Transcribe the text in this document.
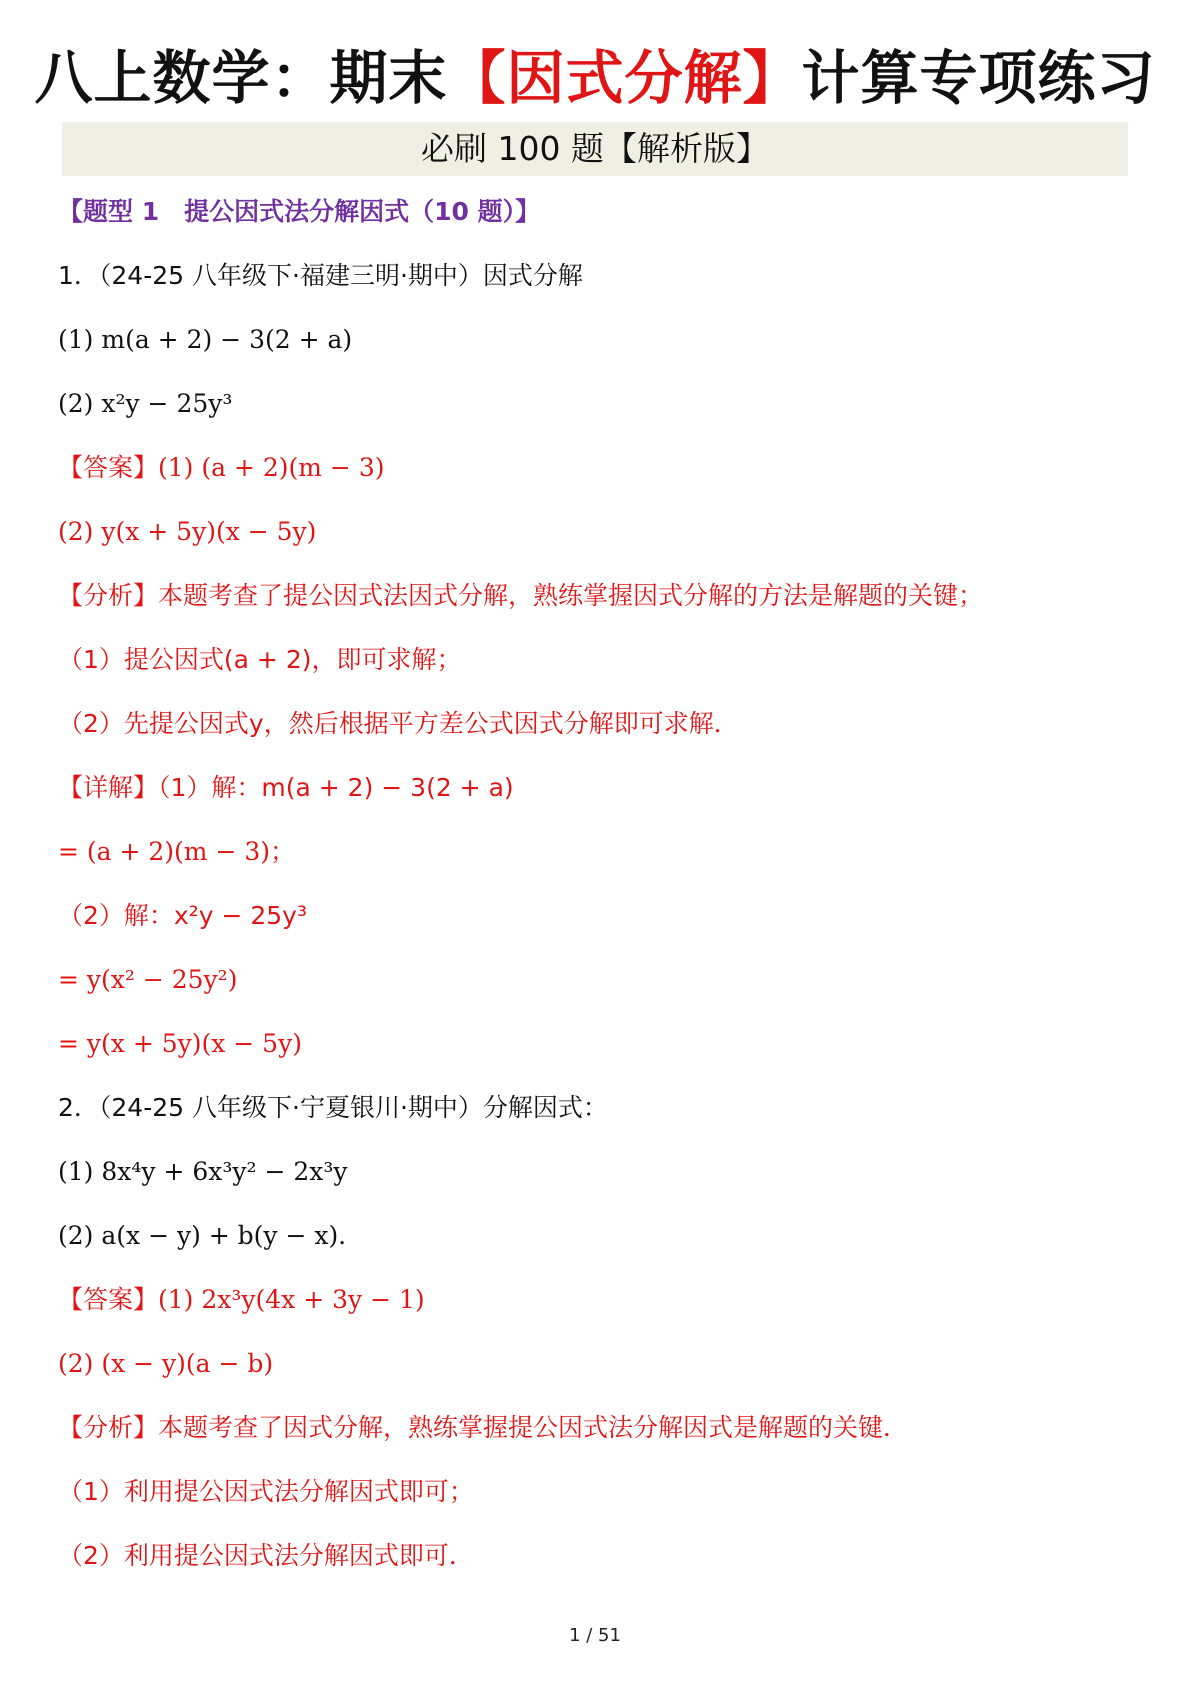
八上数学：期末【因式分解】计算专项练习
必刷 100 题【解析版】
【题型 1　提公因式法分解因式（10 题）】
1．（24-25 八年级下·福建三明·期中）因式分解
(1) m(a + 2) − 3(2 + a)
(2) x²y − 25y³
【答案】(1) (a + 2)(m − 3)
(2) y(x + 5y)(x − 5y)
【分析】本题考查了提公因式法因式分解，熟练掌握因式分解的方法是解题的关键；
（1）提公因式(a + 2)，即可求解；
（2）先提公因式y，然后根据平方差公式因式分解即可求解．
【详解】（1）解：m(a + 2) − 3(2 + a)
= (a + 2)(m − 3)；
（2）解：x²y − 25y³
= y(x² − 25y²)
= y(x + 5y)(x − 5y)
2．（24-25 八年级下·宁夏银川·期中）分解因式：
(1) 8x⁴y + 6x³y² − 2x³y
(2) a(x − y) + b(y − x)．
【答案】(1) 2x³y(4x + 3y − 1)
(2) (x − y)(a − b)
【分析】本题考查了因式分解，熟练掌握提公因式法分解因式是解题的关键．
（1）利用提公因式法分解因式即可；
（2）利用提公因式法分解因式即可．
1 / 51
